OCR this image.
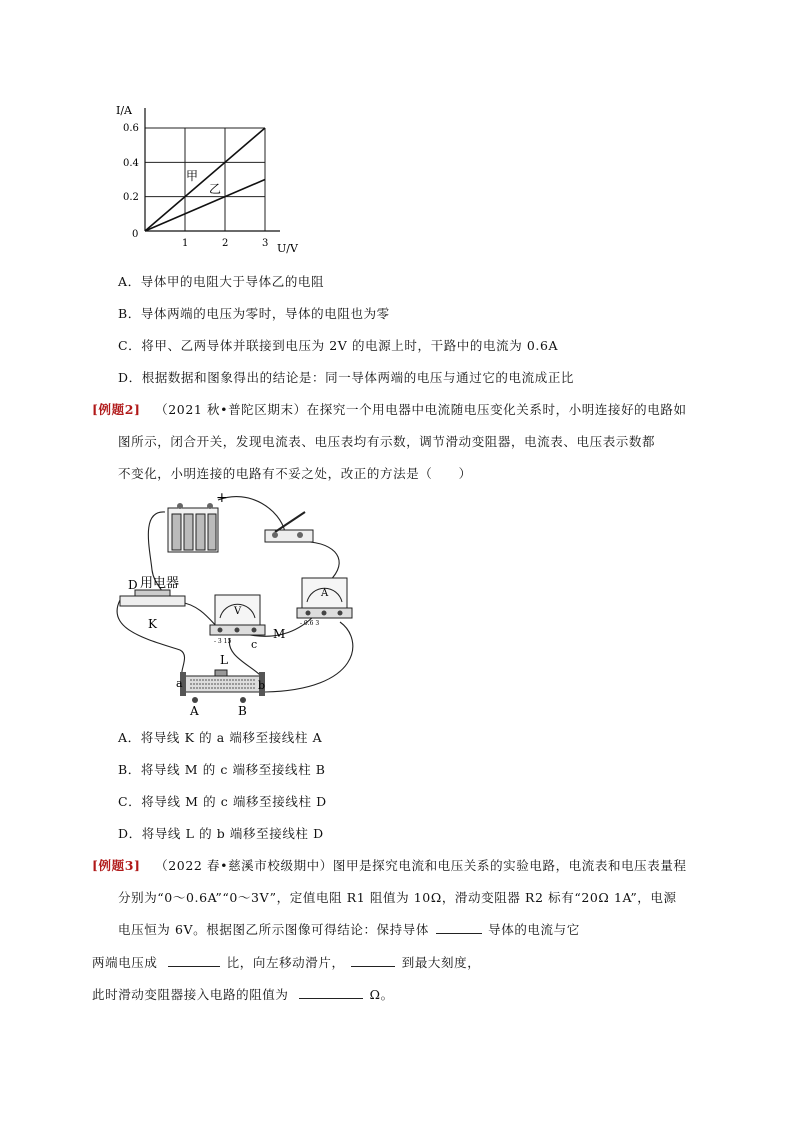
I/A
U/V
0
0.2
0.4
0.6
1	2	3
甲
乙
A．导体甲的电阻大于导体乙的电阻
B．导体两端的电压为零时，导体的电阻也为零
C．将甲、乙两导体并联接到电压为 2V 的电源上时，干路中的电流为 0.6A
D．根据数据和图象得出的结论是：同一导体两端的电压与通过它的电流成正比
[例题2] （2021 秋•普陀区期末）在探究一个用电器中电流随电压变化关系时，小明连接好的电路如
图所示，闭合开关，发现电流表、电压表均有示数，调节滑动变阻器，电流表、电压表示数都
不变化，小明连接的电路有不妥之处，改正的方法是（　　）
+
D 用电器
V
- 3 15
A
- 0.6 3
K
M
L
a	b
c
A	B
A．将导线 K 的 a 端移至接线柱 A
B．将导线 M 的 c 端移至接线柱 B
C．将导线 M 的 c 端移至接线柱 D
D．将导线 L 的 b 端移至接线柱 D
[例题3] （2022 春•慈溪市校级期中）图甲是探究电流和电压关系的实验电路，电流表和电压表量程
分别为“0～0.6A”“0～3V”，定值电阻 R1 阻值为 10Ω，滑动变阻器 R2 标有“20Ω 1A”，电源
电压恒为 6V。根据图乙所示图像可得结论：保持导体	导体的电流与它
两端电压成	比，向左移动滑片，	到最大刻度，
此时滑动变阻器接入电路的阻值为	Ω。
